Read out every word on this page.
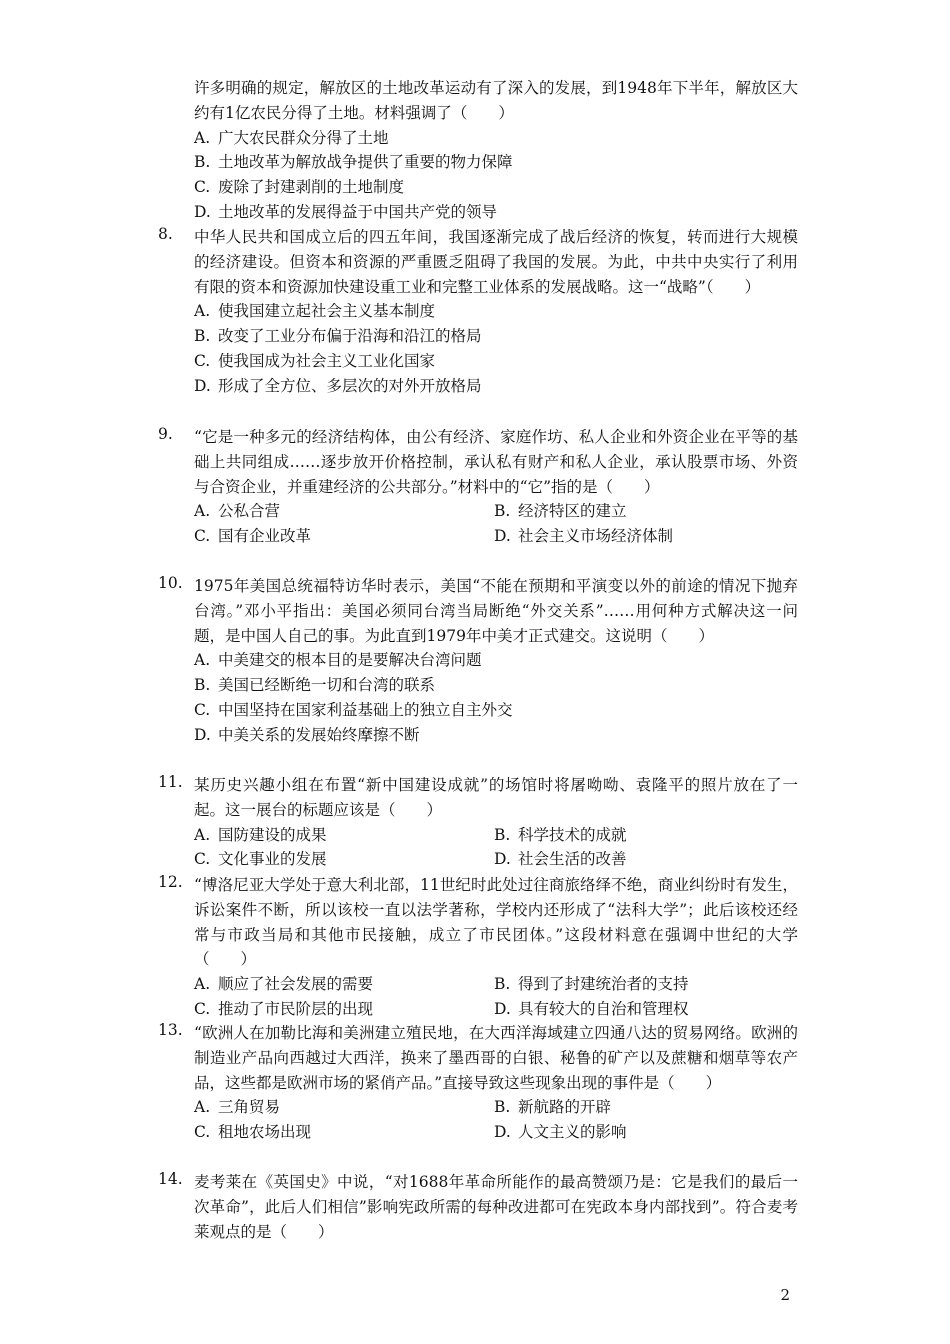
许多明确的规定，解放区的土地改革运动有了深入的发展，到1948年下半年，解放区大约有1亿农民分得了土地。材料强调了（　　）
A. 广大农民群众分得了土地
B. 土地改革为解放战争提供了重要的物力保障
C. 废除了封建剥削的土地制度
D. 土地改革的发展得益于中国共产党的领导
8.	中华人民共和国成立后的四五年间，我国逐渐完成了战后经济的恢复，转而进行大规模的经济建设。但资本和资源的严重匮乏阻碍了我国的发展。为此，中共中央实行了利用有限的资本和资源加快建设重工业和完整工业体系的发展战略。这一“战略”（　　）
A. 使我国建立起社会主义基本制度
B. 改变了工业分布偏于沿海和沿江的格局
C. 使我国成为社会主义工业化国家
D. 形成了全方位、多层次的对外开放格局
9.	“它是一种多元的经济结构体，由公有经济、家庭作坊、私人企业和外资企业在平等的基础上共同组成……逐步放开价格控制，承认私有财产和私人企业，承认股票市场、外资与合资企业，并重建经济的公共部分。”材料中的“它”指的是（　　）
A. 公私合营	B. 经济特区的建立
C. 国有企业改革	D. 社会主义市场经济体制
10. 1975年美国总统福特访华时表示，美国“不能在预期和平演变以外的前途的情况下抛弃台湾。”邓小平指出：美国必须同台湾当局断绝“外交关系”……用何种方式解决这一问题，是中国人自己的事。为此直到1979年中美才正式建交。这说明（　　）
A. 中美建交的根本目的是要解决台湾问题
B. 美国已经断绝一切和台湾的联系
C. 中国坚持在国家利益基础上的独立自主外交
D. 中美关系的发展始终摩擦不断
11. 某历史兴趣小组在布置“新中国建设成就”的场馆时将屠呦呦、袁隆平的照片放在了一起。这一展台的标题应该是（　　）
A. 国防建设的成果	B. 科学技术的成就
C. 文化事业的发展	D. 社会生活的改善
12. “博洛尼亚大学处于意大利北部，11世纪时此处过往商旅络绎不绝，商业纠纷时有发生，诉讼案件不断，所以该校一直以法学著称，学校内还形成了“法科大学”；此后该校还经常与市政当局和其他市民接触，成立了市民团体。”这段材料意在强调中世纪的大学（　　）
A. 顺应了社会发展的需要	B. 得到了封建统治者的支持
C. 推动了市民阶层的出现	D. 具有较大的自治和管理权
13. “欧洲人在加勒比海和美洲建立殖民地，在大西洋海域建立四通八达的贸易网络。欧洲的制造业产品向西越过大西洋，换来了墨西哥的白银、秘鲁的矿产以及蔗糖和烟草等农产品，这些都是欧洲市场的紧俏产品。”直接导致这些现象出现的事件是（　　）
A. 三角贸易	B. 新航路的开辟
C. 租地农场出现	D. 人文主义的影响
14. 麦考莱在《英国史》中说，“对1688年革命所能作的最高赞颂乃是：它是我们的最后一次革命”，此后人们相信”影响宪政所需的每种改进都可在宪政本身内部找到”。符合麦考莱观点的是（　　）
2
